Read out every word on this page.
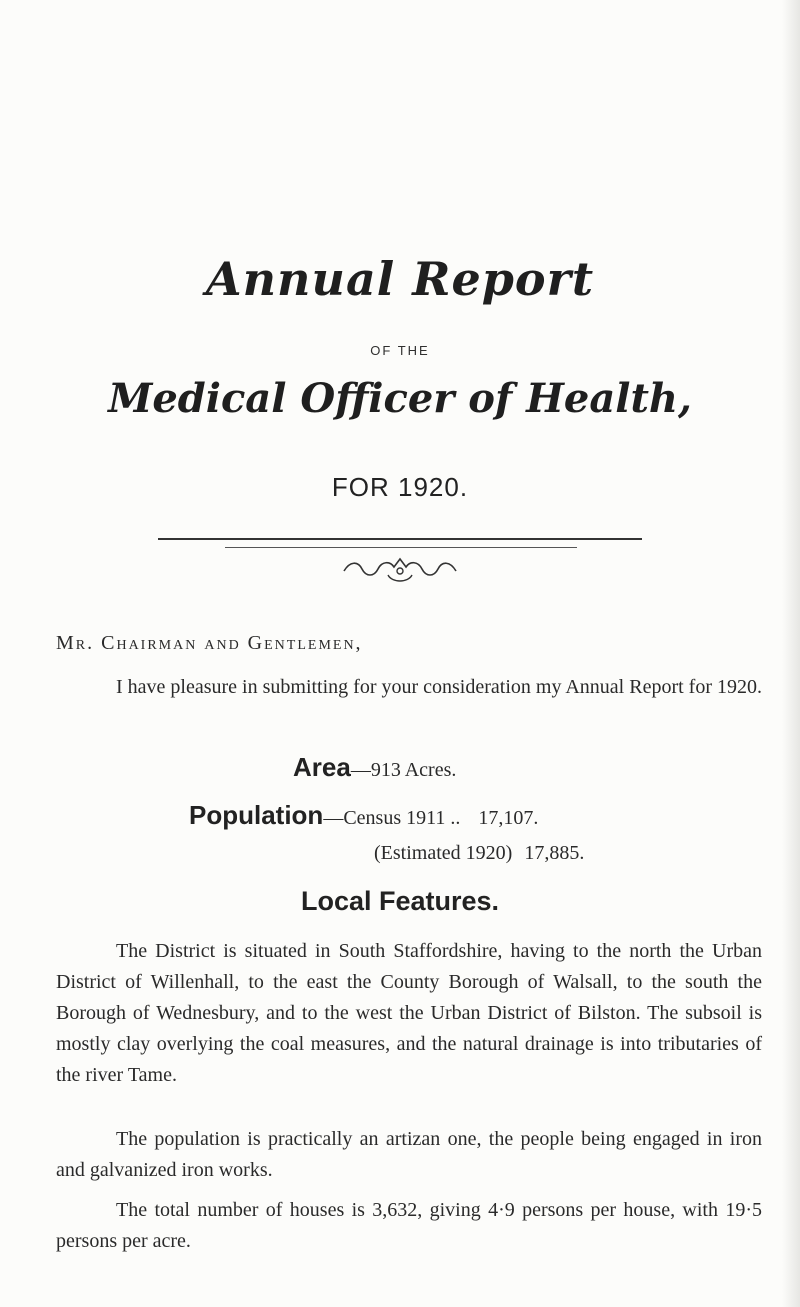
Annual Report
OF THE
Medical Officer of Health,
FOR 1920.
Mr. Chairman and Gentlemen,
I have pleasure in submitting for your consideration my Annual Report for 1920.
Area—913 Acres.
Population—Census 1911 .. 17,107.
(Estimated 1920) 17,885.
Local Features.
The District is situated in South Staffordshire, having to the north the Urban District of Willenhall, to the east the County Borough of Walsall, to the south the Borough of Wednesbury, and to the west the Urban District of Bilston. The subsoil is mostly clay overlying the coal measures, and the natural drainage is into tributaries of the river Tame.
The population is practically an artizan one, the people being engaged in iron and galvanized iron works.
The total number of houses is 3,632, giving 4·9 persons per house, with 19·5 persons per acre.
